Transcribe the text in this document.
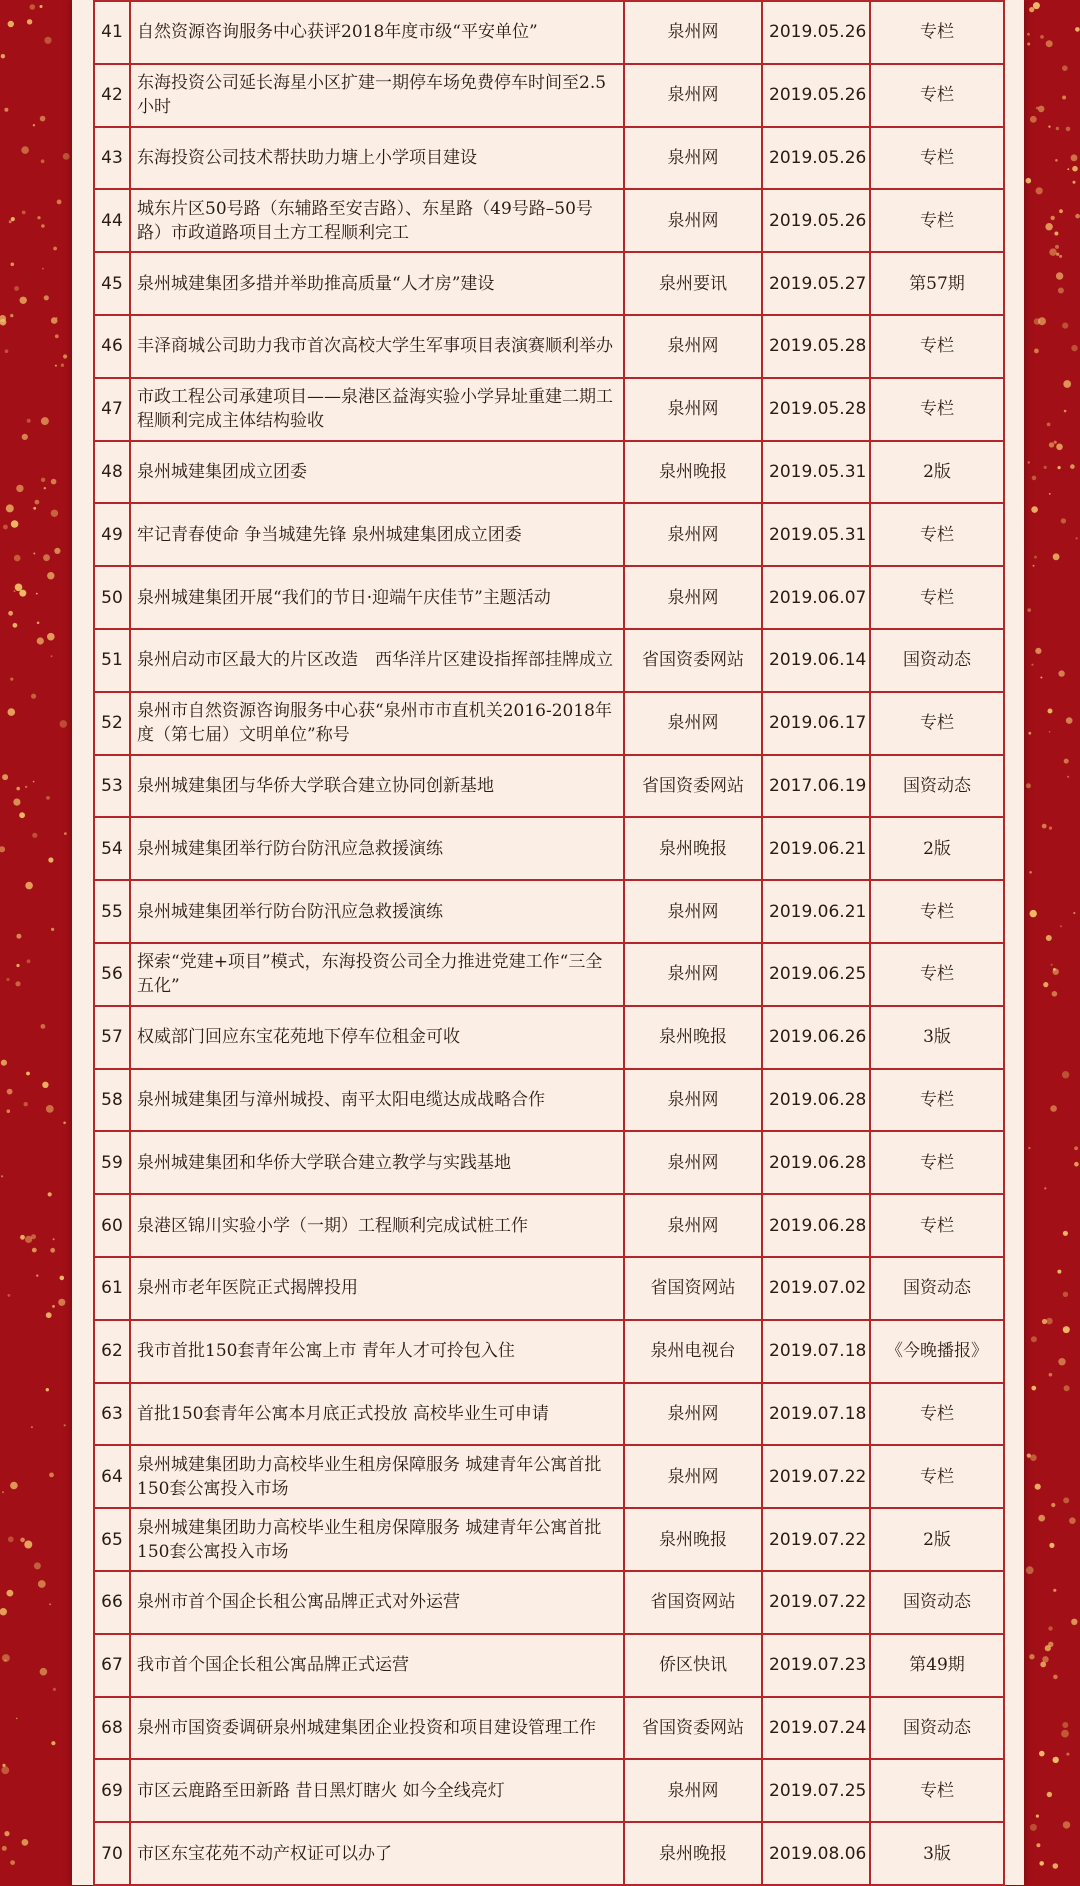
41	自然资源咨询服务中心获评2018年度市级“平安单位”	泉州网	2019.05.26	专栏
42	东海投资公司延长海星小区扩建一期停车场免费停车时间至2.5小时	泉州网	2019.05.26	专栏
43	东海投资公司技术帮扶助力塘上小学项目建设	泉州网	2019.05.26	专栏
44	城东片区50号路（东辅路至安吉路）、东星路（49号路–50号路）市政道路项目土方工程顺利完工	泉州网	2019.05.26	专栏
45	泉州城建集团多措并举助推高质量“人才房”建设	泉州要讯	2019.05.27	第57期
46	丰泽商城公司助力我市首次高校大学生军事项目表演赛顺利举办	泉州网	2019.05.28	专栏
47	市政工程公司承建项目——泉港区益海实验小学异址重建二期工程顺利完成主体结构验收	泉州网	2019.05.28	专栏
48	泉州城建集团成立团委	泉州晚报	2019.05.31	2版
49	牢记青春使命 争当城建先锋 泉州城建集团成立团委	泉州网	2019.05.31	专栏
50	泉州城建集团开展“我们的节日·迎端午庆佳节”主题活动	泉州网	2019.06.07	专栏
51	泉州启动市区最大的片区改造　西华洋片区建设指挥部挂牌成立	省国资委网站	2019.06.14	国资动态
52	泉州市自然资源咨询服务中心获“泉州市市直机关2016-2018年度（第七届）文明单位”称号	泉州网	2019.06.17	专栏
53	泉州城建集团与华侨大学联合建立协同创新基地	省国资委网站	2017.06.19	国资动态
54	泉州城建集团举行防台防汛应急救援演练	泉州晚报	2019.06.21	2版
55	泉州城建集团举行防台防汛应急救援演练	泉州网	2019.06.21	专栏
56	探索“党建+项目”模式，东海投资公司全力推进党建工作“三全五化”	泉州网	2019.06.25	专栏
57	权威部门回应东宝花苑地下停车位租金可收	泉州晚报	2019.06.26	3版
58	泉州城建集团与漳州城投、南平太阳电缆达成战略合作	泉州网	2019.06.28	专栏
59	泉州城建集团和华侨大学联合建立教学与实践基地	泉州网	2019.06.28	专栏
60	泉港区锦川实验小学（一期）工程顺利完成试桩工作	泉州网	2019.06.28	专栏
61	泉州市老年医院正式揭牌投用	省国资网站	2019.07.02	国资动态
62	我市首批150套青年公寓上市 青年人才可拎包入住	泉州电视台	2019.07.18	《今晚播报》
63	首批150套青年公寓本月底正式投放 高校毕业生可申请	泉州网	2019.07.18	专栏
64	泉州城建集团助力高校毕业生租房保障服务 城建青年公寓首批150套公寓投入市场	泉州网	2019.07.22	专栏
65	泉州城建集团助力高校毕业生租房保障服务 城建青年公寓首批150套公寓投入市场	泉州晚报	2019.07.22	2版
66	泉州市首个国企长租公寓品牌正式对外运营	省国资网站	2019.07.22	国资动态
67	我市首个国企长租公寓品牌正式运营	侨区快讯	2019.07.23	第49期
68	泉州市国资委调研泉州城建集团企业投资和项目建设管理工作	省国资委网站	2019.07.24	国资动态
69	市区云鹿路至田新路 昔日黑灯瞎火 如今全线亮灯	泉州网	2019.07.25	专栏
70	市区东宝花苑不动产权证可以办了	泉州晚报	2019.08.06	3版
